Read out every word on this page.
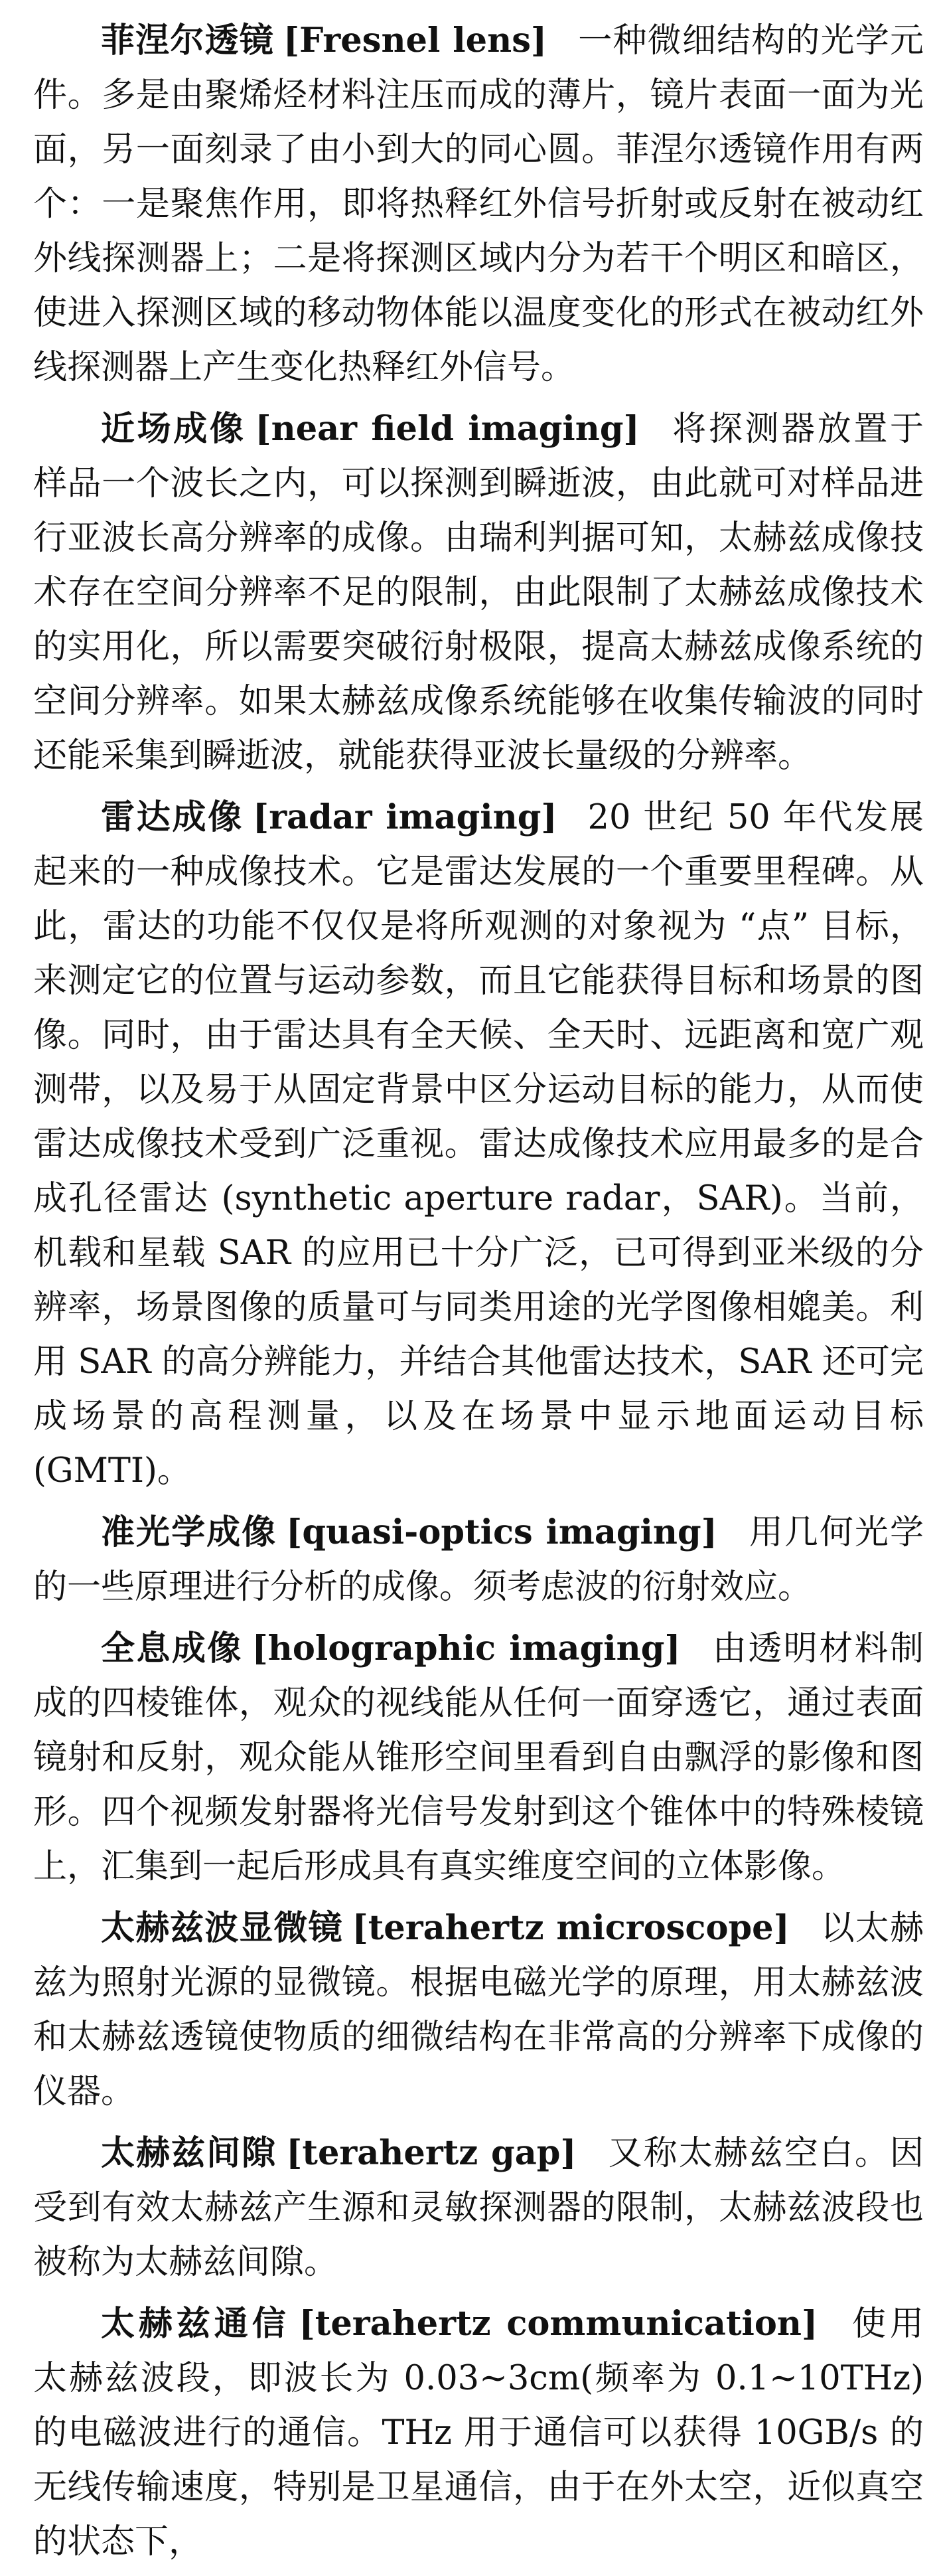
菲涅尔透镜 [ Fresnel lens ] 一种微细结构的光学元件。多是由聚烯烃材料注压而成的薄片，镜片表面一面为光面，另一面刻录了由小到大的同心圆。菲涅尔透镜作用有两个：一是聚焦作用，即将热释红外信号折射或反射在被动红外线探测器上；二是将探测区域内分为若干个明区和暗区，使进入探测区域的移动物体能以温度变化的形式在被动红外线探测器上产生变化热释红外信号。

近场成像 [ near field imaging ] 将探测器放置于样品一个波长之内，可以探测到瞬逝波，由此就可对样品进行亚波长高分辨率的成像。由瑞利判据可知，太赫兹成像技术存在空间分辨率不足的限制，由此限制了太赫兹成像技术的实用化，所以需要突破衍射极限，提高太赫兹成像系统的空间分辨率。如果太赫兹成像系统能够在收集传输波的同时还能采集到瞬逝波，就能获得亚波长量级的分辨率。

雷达成像 [ radar imaging ] 20 世纪 50 年代发展起来的一种成像技术。它是雷达发展的一个重要里程碑。从此，雷达的功能不仅仅是将所观测的对象视为 “点” 目标，来测定它的位置与运动参数，而且它能获得目标和场景的图像。同时，由于雷达具有全天候、全天时、远距离和宽广观测带，以及易于从固定背景中区分运动目标的能力，从而使雷达成像技术受到广泛重视。雷达成像技术应用最多的是合成孔径雷达 (synthetic aperture radar，SAR)。当前，机载和星载 SAR 的应用已十分广泛，已可得到亚米级的分辨率，场景图像的质量可与同类用途的光学图像相媲美。利用 SAR 的高分辨能力，并结合其他雷达技术，SAR 还可完成场景的高程测量，以及在场景中显示地面运动目标 (GMTI)。

准光学成像 [ quasi-optics imaging ] 用几何光学的一些原理进行分析的成像。须考虑波的衍射效应。

全息成像 [ holographic imaging ] 由透明材料制成的四棱锥体，观众的视线能从任何一面穿透它，通过表面镜射和反射，观众能从锥形空间里看到自由飘浮的影像和图形。四个视频发射器将光信号发射到这个锥体中的特殊棱镜上，汇集到一起后形成具有真实维度空间的立体影像。

太赫兹波显微镜 [ terahertz microscope ] 以太赫兹为照射光源的显微镜。根据电磁光学的原理，用太赫兹波和太赫兹透镜使物质的细微结构在非常高的分辨率下成像的仪器。

太赫兹间隙 [ terahertz gap ] 又称太赫兹空白。因受到有效太赫兹产生源和灵敏探测器的限制，太赫兹波段也被称为太赫兹间隙。

太赫兹通信 [ terahertz communication ] 使用太赫兹波段，即波长为 0.03~3cm(频率为 0.1~10THz) 的电磁波进行的通信。THz 用于通信可以获得 10GB/s 的无线传输速度，特别是卫星通信，由于在外太空，近似真空的状态下，
